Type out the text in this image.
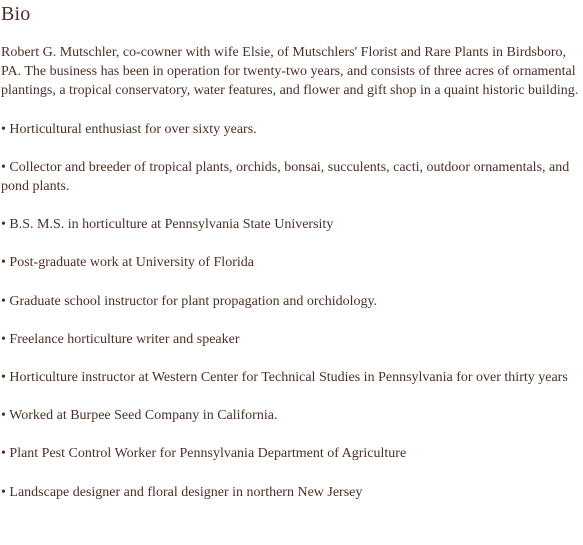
Bio

Robert G. Mutschler, co-cowner with wife Elsie, of Mutschlers' Florist and Rare Plants in Birdsboro, PA. The business has been in operation for twenty-two years, and consists of three acres of ornamental plantings, a tropical conservatory, water features, and flower and gift shop in a quaint historic building.

• Horticultural enthusiast for over sixty years.
• Collector and breeder of tropical plants, orchids, bonsai, succulents, cacti, outdoor ornamentals, and pond plants.
• B.S. M.S. in horticulture at Pennsylvania State University
• Post-graduate work at University of Florida
• Graduate school instructor for plant propagation and orchidology.
• Freelance horticulture writer and speaker
• Horticulture instructor at Western Center for Technical Studies in Pennsylvania for over thirty years
• Worked at Burpee Seed Company in California.
• Plant Pest Control Worker for Pennsylvania Department of Agriculture
• Landscape designer and floral designer in northern New Jersey
